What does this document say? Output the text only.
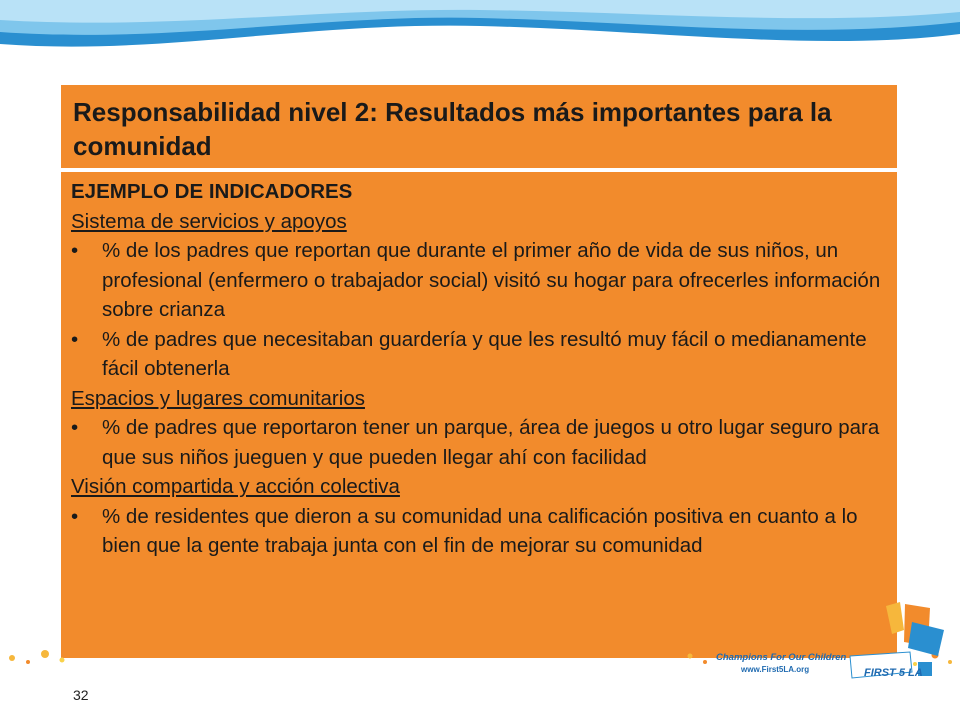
Responsabilidad nivel 2: Resultados más importantes para la comunidad
EJEMPLO DE INDICADORES
Sistema de servicios y apoyos
• % de los padres que reportan que durante el primer año de vida de sus niños, un profesional (enfermero o trabajador social) visitó su hogar para ofrecerles información sobre crianza
• % de padres que necesitaban guardería y que les resultó muy fácil o medianamente fácil obtenerla
Espacios y lugares comunitarios
• % de padres que reportaron tener un parque, área de juegos u otro lugar seguro para que sus niños jueguen y que pueden llegar ahí con facilidad
Visión compartida y acción colectiva
• % de residentes que dieron a su comunidad una calificación positiva en cuanto a lo bien que la gente trabaja junta con el fin de mejorar su comunidad
Champions For Our Children
www.First5LA.org	FIRST 5 LA
32
